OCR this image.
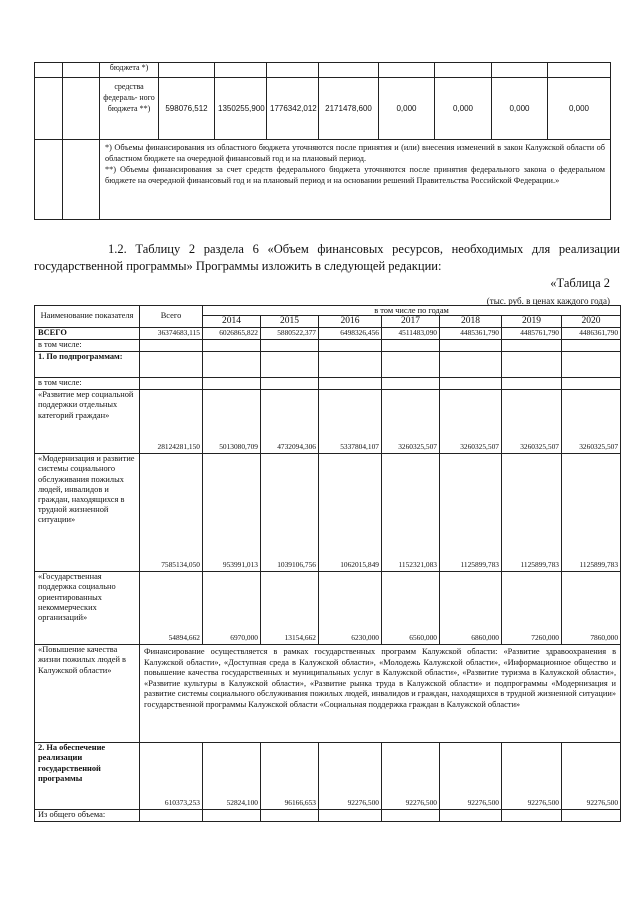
		бюджета *)								
		средства федераль- ного бюджета **)	598076,512	1350255,900	1776342,012	2171478,600	0,000	0,000	0,000	0,000

		*) Объемы финансирования из областного бюджета уточняются после принятия и (или) внесения изменений в закон Калужской области об областном бюджете на очередной финансовый год и на плановый период.
**) Объемы финансирования за счет средств федерального бюджета уточняются после принятия федерального закона о федеральном бюджете на очередной финансовый год и на плановый период и на основании решений Правительства Российской Федерации.»								
1.2. Таблицу 2 раздела 6 «Объем финансовых ресурсов, необходимых для реализации государственной программы» Программы изложить в следующей редакции:
«Таблица 2
(тыс. руб. в ценах каждого года)
Наименование показателя	Всего	в том числе по годам						
		2014	2015	2016	2017	2018	2019	2020
ВСЕГО	36374683,115	6026865,822	5880522,377	6498326,456	4511483,090	4485361,790	4485761,790	4486361,790
в том числе:								
1. По подпрограммам:								
в том числе:								
«Развитие мер социальной поддержки отдельных категорий граждан»	28124281,150	5013080,709	4732094,306	5337804,107	3260325,507	3260325,507	3260325,507	3260325,507
«Модернизация и развитие системы социального обслуживания пожилых людей, инвалидов и граждан, находящихся в трудной жизненной ситуации»	7585134,050	953991,013	1039106,756	1062015,849	1152321,083	1125899,783	1125899,783	1125899,783
«Государственная поддержка социально ориентированных некоммерческих организаций»	54894,662	6970,000	13154,662	6230,000	6560,000	6860,000	7260,000	7860,000
«Повышение качества жизни пожилых людей в Калужской области»	Финансирование осуществляется в рамках государственных программ Калужской области: «Развитие здравоохранения в Калужской области», «Доступная среда в Калужской области», «Молодежь Калужской области», «Информационное общество и повышение качества государственных и муниципальных услуг в Калужской области», «Развитие туризма в Калужской области», «Развитие культуры в Калужской области», «Развитие рынка труда в Калужской области» и подпрограммы «Модернизация и развитие системы социального обслуживания пожилых людей, инвалидов и граждан, находящихся в трудной жизненной ситуации» государственной программы Калужской области «Социальная поддержка граждан в Калужской области»							
2. На обеспечение реализации государственной программы	610373,253	52824,100	96166,653	92276,500	92276,500	92276,500	92276,500	92276,500
Из общего объема:								
